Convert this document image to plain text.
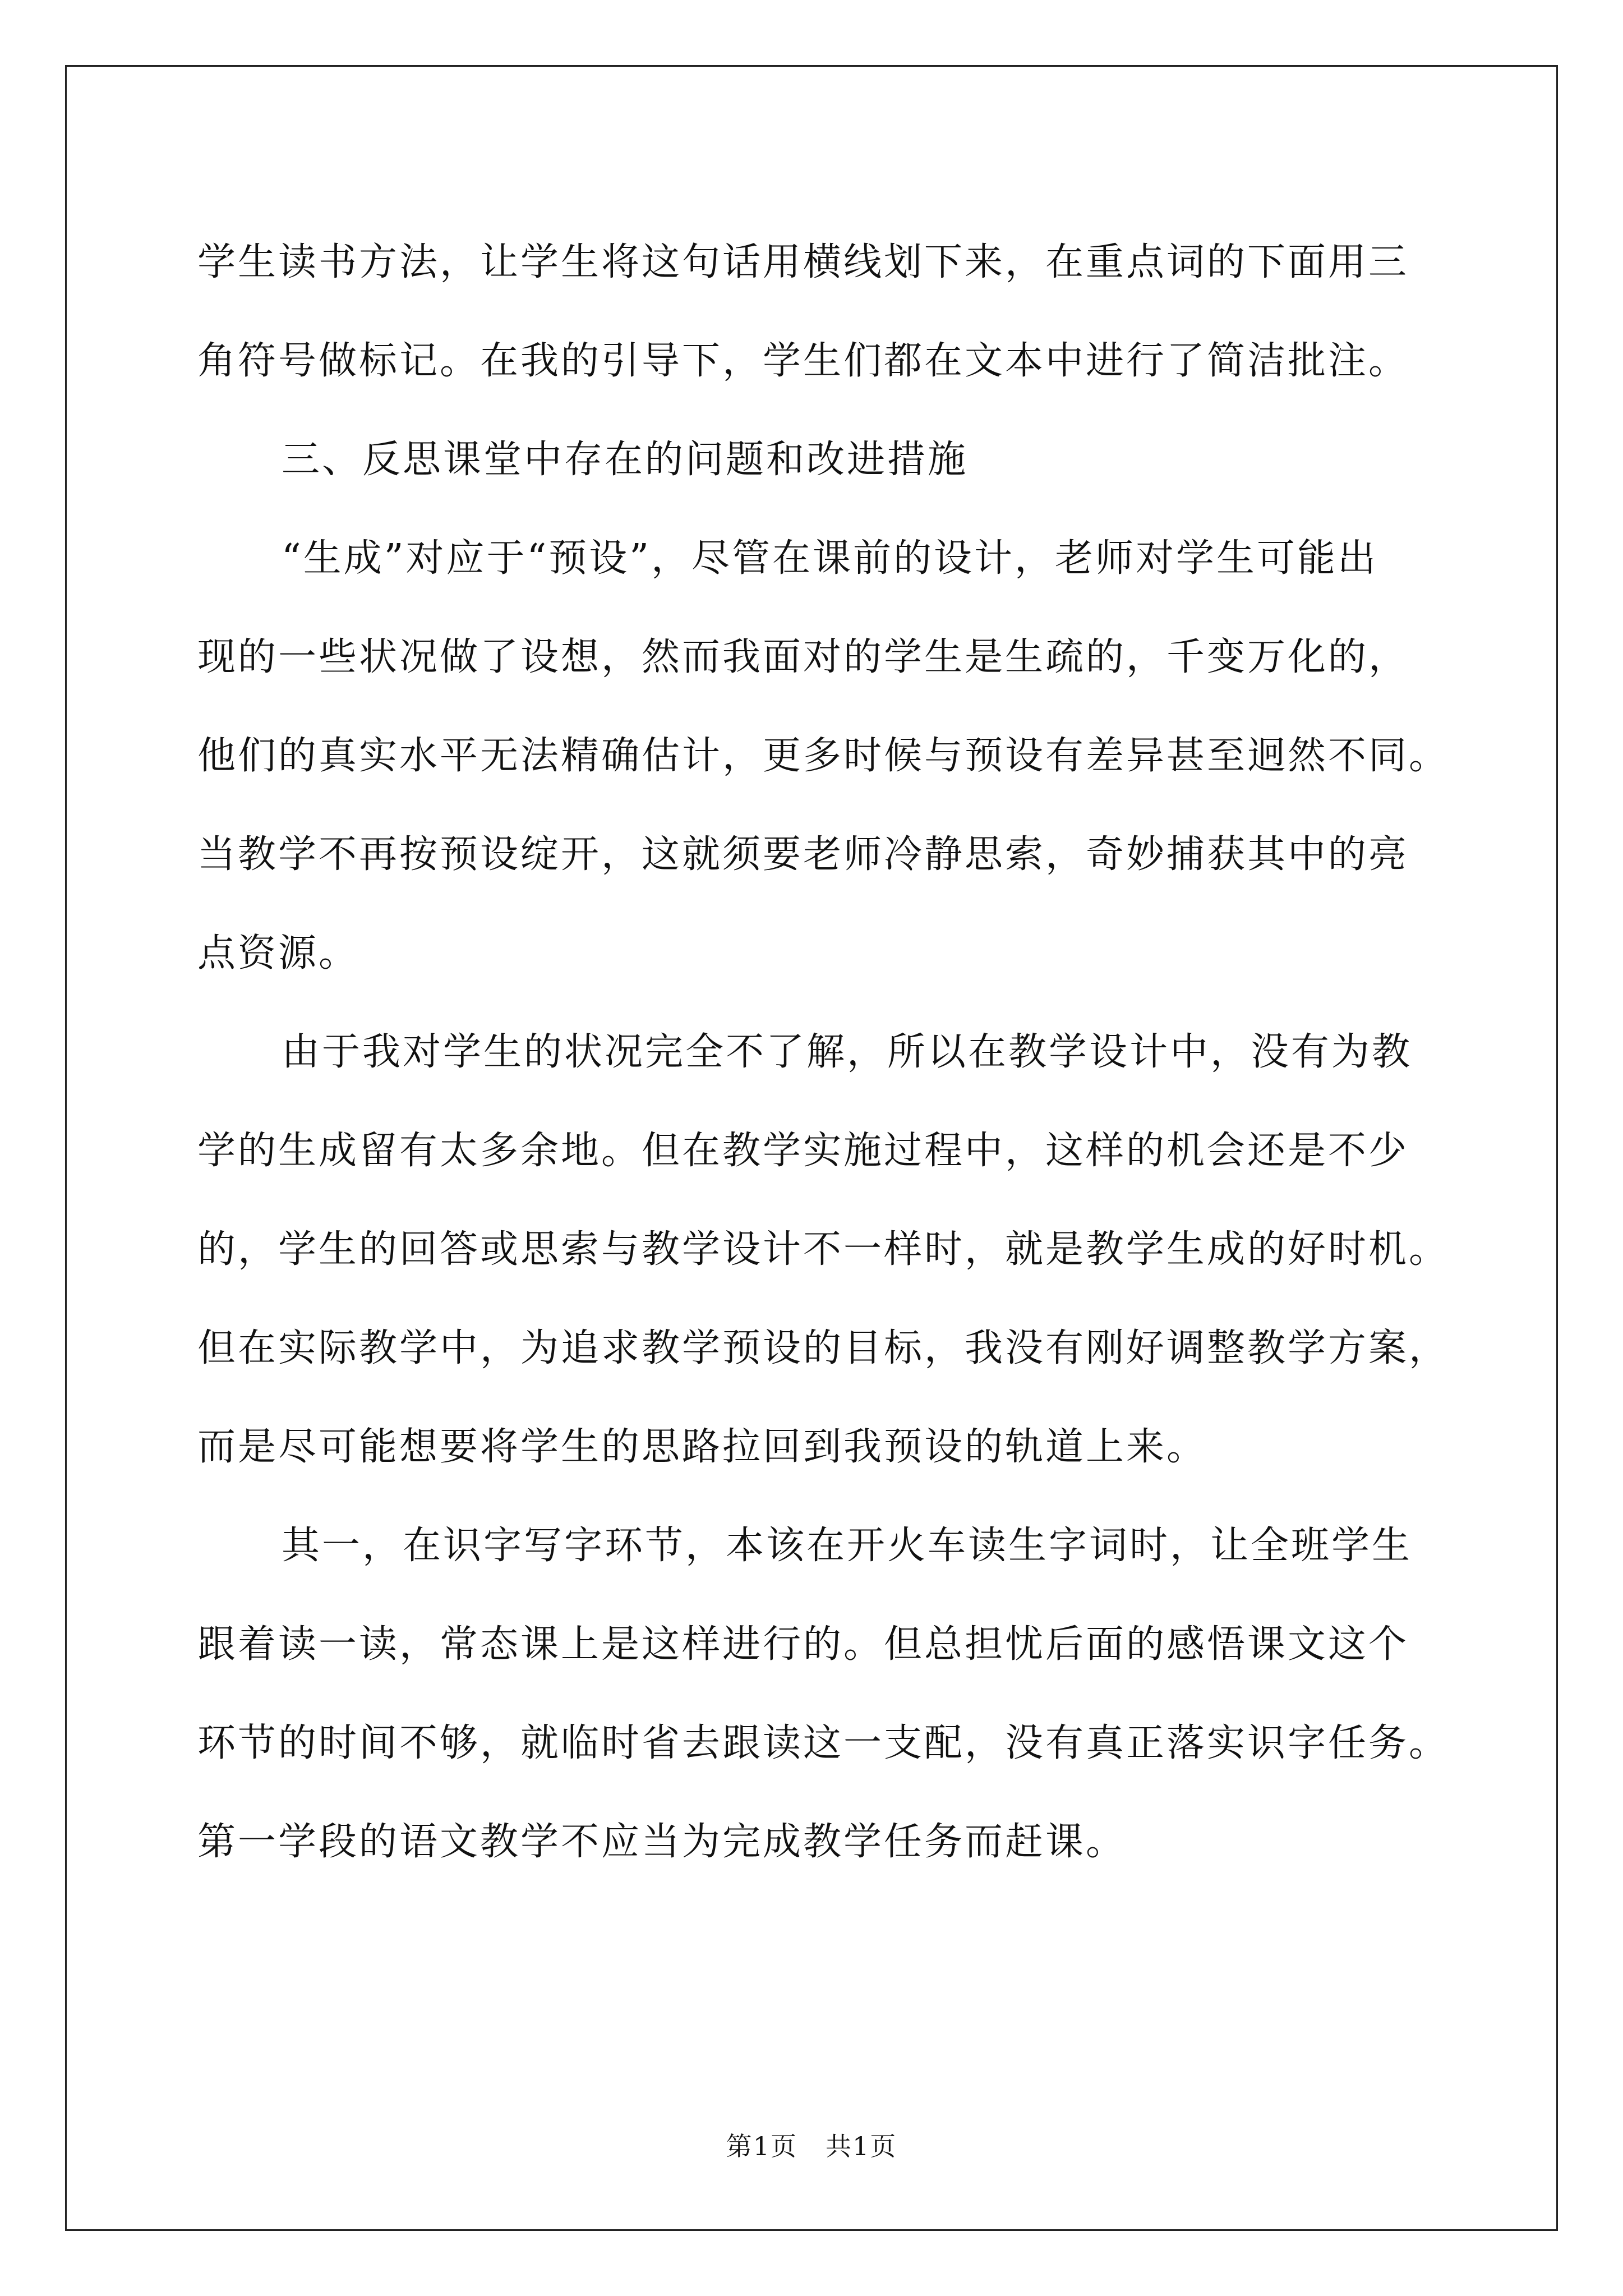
学生读书方法，让学生将这句话用横线划下来，在重点词的下面用三

角符号做标记。在我的引导下，学生们都在文本中进行了简洁批注。

三、反思课堂中存在的问题和改进措施

“生成”对应于“预设”，尽管在课前的设计，老师对学生可能出

现的一些状况做了设想，然而我面对的学生是生疏的，千变万化的，

他们的真实水平无法精确估计，更多时候与预设有差异甚至迥然不同。

当教学不再按预设绽开，这就须要老师冷静思索，奇妙捕获其中的亮

点资源。

由于我对学生的状况完全不了解，所以在教学设计中，没有为教

学的生成留有太多余地。但在教学实施过程中，这样的机会还是不少

的，学生的回答或思索与教学设计不一样时，就是教学生成的好时机。

但在实际教学中，为追求教学预设的目标，我没有刚好调整教学方案，

而是尽可能想要将学生的思路拉回到我预设的轨道上来。

其一，在识字写字环节，本该在开火车读生字词时，让全班学生

跟着读一读，常态课上是这样进行的。但总担忧后面的感悟课文这个

环节的时间不够，就临时省去跟读这一支配，没有真正落实识字任务。

第一学段的语文教学不应当为完成教学任务而赶课。

第1页 共1页
